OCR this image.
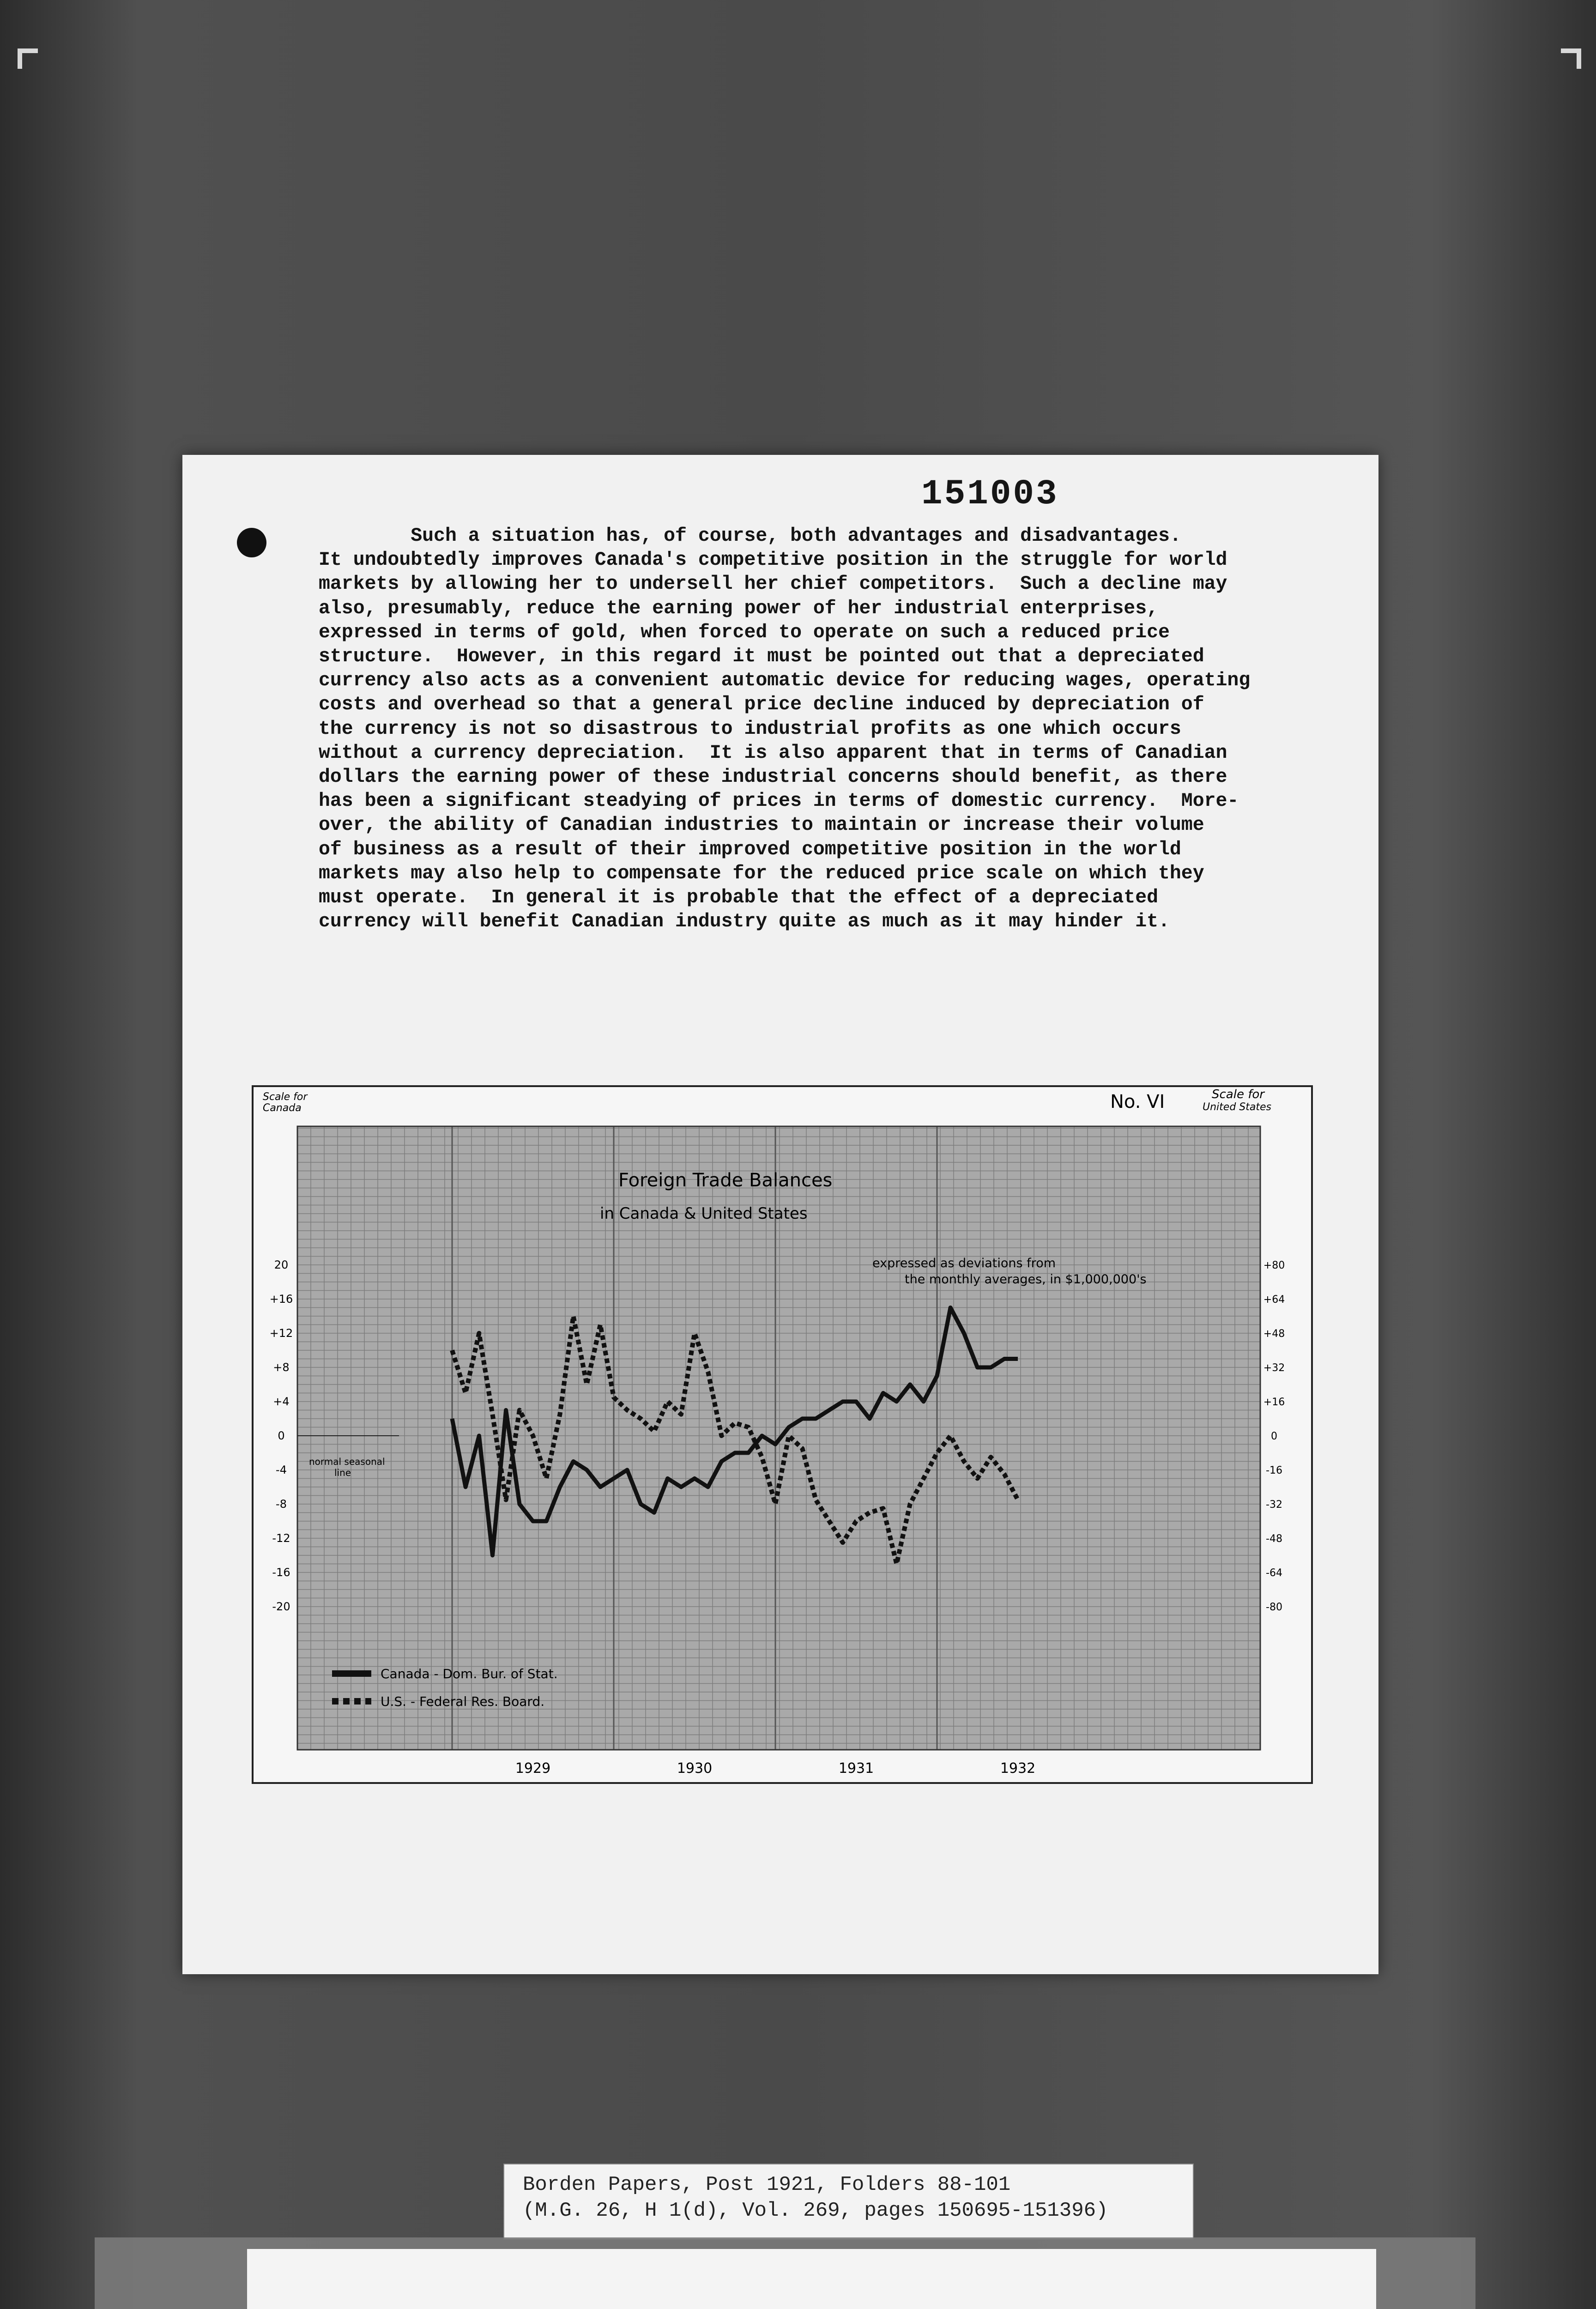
151003
Such a situation has, of course, both advantages and disadvantages.
It undoubtedly improves Canada's competitive position in the struggle for world
markets by allowing her to undersell her chief competitors.  Such a decline may
also, presumably, reduce the earning power of her industrial enterprises,
expressed in terms of gold, when forced to operate on such a reduced price
structure.  However, in this regard it must be pointed out that a depreciated
currency also acts as a convenient automatic device for reducing wages, operating
costs and overhead so that a general price decline induced by depreciation of
the currency is not so disastrous to industrial profits as one which occurs
without a currency depreciation.  It is also apparent that in terms of Canadian
dollars the earning power of these industrial concerns should benefit, as there
has been a significant steadying of prices in terms of domestic currency.  More-
over, the ability of Canadian industries to maintain or increase their volume
of business as a result of their improved competitive position in the world
markets may also help to compensate for the reduced price scale on which they
must operate.  In general it is probable that the effect of a depreciated
currency will benefit Canadian industry quite as much as it may hinder it.
20
+16
+12
+8
+4
0
-4
-8
-12
-16
-20
+80
+64
+48
+32
+16
0
-16
-32
-48
-64
-80
1929	1930	1931	1932
Scale for
Canada	No. VI	Scale for
United States
Foreign Trade Balances
in Canada & United States
expressed as deviations from
the monthly averages, in $1,000,000's
normal seasonal
line
Canada - Dom. Bur. of Stat.
U.S. - Federal Res. Board.
Borden Papers, Post 1921, Folders 88-101
(M.G. 26, H 1(d), Vol. 269, pages 150695-151396)
